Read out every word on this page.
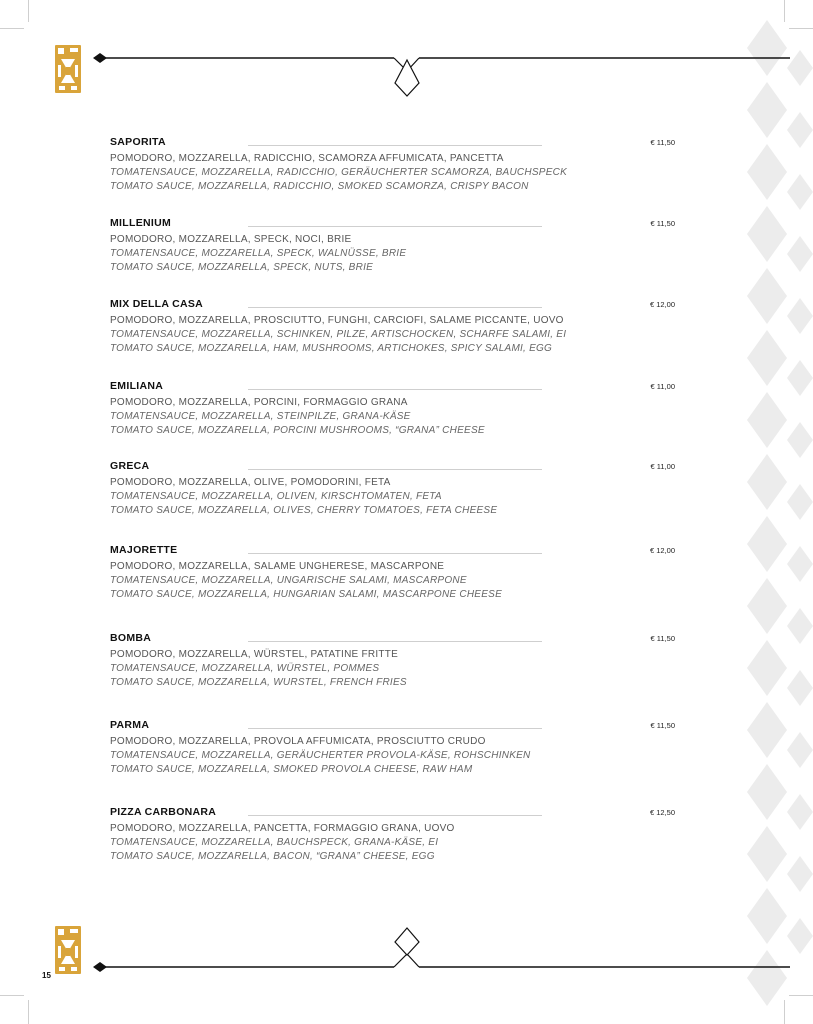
SAPORITA	€ 11,50
POMODORO, MOZZARELLA, RADICCHIO, SCAMORZA AFFUMICATA, PANCETTA
TOMATENSAUCE, MOZZARELLA, RADICCHIO, GERÄUCHERTER SCAMORZA, BAUCHSPECK
TOMATO SAUCE, MOZZARELLA, RADICCHIO, SMOKED SCAMORZA, CRISPY BACON
MILLENIUM	€ 11,50
POMODORO, MOZZARELLA, SPECK, NOCI, BRIE
TOMATENSAUCE, MOZZARELLA, SPECK, WALNÜSSE, BRIE
TOMATO SAUCE, MOZZARELLA, SPECK, NUTS, BRIE
MIX DELLA CASA	€ 12,00
POMODORO, MOZZARELLA, PROSCIUTTO, FUNGHI, CARCIOFI, SALAME PICCANTE, UOVO
TOMATENSAUCE, MOZZARELLA, SCHINKEN, PILZE, ARTISCHOCKEN, SCHARFE SALAMI, EI
TOMATO SAUCE, MOZZARELLA, HAM, MUSHROOMS, ARTICHOKES, SPICY SALAMI, EGG
EMILIANA	€ 11,00
POMODORO, MOZZARELLA, PORCINI, FORMAGGIO GRANA
TOMATENSAUCE, MOZZARELLA, STEINPILZE, GRANA-KÄSE
TOMATO SAUCE, MOZZARELLA, PORCINI MUSHROOMS, “GRANA” CHEESE
GRECA	€ 11,00
POMODORO, MOZZARELLA, OLIVE, POMODORINI, FETA
TOMATENSAUCE, MOZZARELLA, OLIVEN, KIRSCHTOMATEN, FETA
TOMATO SAUCE, MOZZARELLA, OLIVES, CHERRY TOMATOES, FETA CHEESE
MAJORETTE	€ 12,00
POMODORO, MOZZARELLA, SALAME UNGHERESE, MASCARPONE
TOMATENSAUCE, MOZZARELLA, UNGARISCHE SALAMI, MASCARPONE
TOMATO SAUCE, MOZZARELLA, HUNGARIAN SALAMI, MASCARPONE CHEESE
BOMBA	€ 11,50
POMODORO, MOZZARELLA, WÜRSTEL, PATATINE FRITTE
TOMATENSAUCE, MOZZARELLA, WÜRSTEL, POMMES
TOMATO SAUCE, MOZZARELLA, WURSTEL, FRENCH FRIES
PARMA	€ 11,50
POMODORO, MOZZARELLA, PROVOLA AFFUMICATA, PROSCIUTTO CRUDO
TOMATENSAUCE, MOZZARELLA, GERÄUCHERTER PROVOLA-KÄSE, ROHSCHINKEN
TOMATO SAUCE, MOZZARELLA, SMOKED PROVOLA CHEESE, RAW HAM
PIZZA CARBONARA	€ 12,50
POMODORO, MOZZARELLA, PANCETTA, FORMAGGIO GRANA, UOVO
TOMATENSAUCE, MOZZARELLA, BAUCHSPECK, GRANA-KÄSE, EI
TOMATO SAUCE, MOZZARELLA, BACON, “GRANA” CHEESE, EGG
15
